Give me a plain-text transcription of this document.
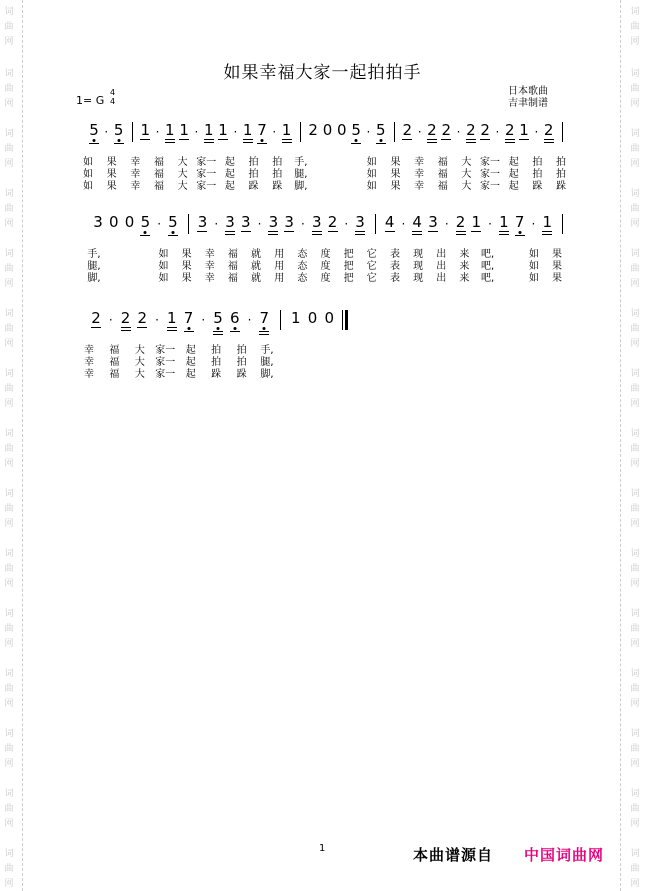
词
曲
网
词
曲
网
词
曲
网
词
曲
网
词
曲
网
词
曲
网
词
曲
网
词
曲
网
词
曲
网
词
曲
网
词
曲
网
词
曲
网
词
曲
网
词
曲
网
词
曲
网
词
曲
网
词
曲
网
词
曲
网
词
曲
网
词
曲
网
词
曲
网
词
曲
网
词
曲
网
词
曲
网
词
曲
网
词
曲
网
词
曲
网
词
曲
网
词
曲
网
词
曲
网
如果幸福大家一起拍拍手
日本歌曲
吉聿制谱
1= G
4
4
5 · 5 1 · 1 1 · 1 1 · 1 7 · 1 2 0 0 5 · 5 2 · 2 2 · 2 2 · 2 1 · 2
如 果 幸 福 大 家一 起 拍 拍 手,	如 果 幸 福 大 家一 起 拍 拍
如 果 幸 福 大 家一 起 拍 拍 腿,	如 果 幸 福 大 家一 起 拍 拍
如 果 幸 福 大 家一 起 跺 跺 脚,	如 果 幸 福 大 家一 起 跺 跺
3 0 0 5 · 5 3 · 3 3 · 3 3 · 3 2 · 3 4 · 4 3 · 2 1 · 1 7 · 1
手,	如 果 幸 福 就 用 态 度 把 它 表 现 出 来 吧,	如 果
腿,	如 果 幸 福 就 用 态 度 把 它 表 现 出 来 吧,	如 果
脚,	如 果 幸 福 就 用 态 度 把 它 表 现 出 来 吧,	如 果
2 · 2 2 · 1 7 · 5 6 · 7 1 0 0
幸 福 大 家一 起 拍 拍 手,
幸 福 大 家一 起 拍 拍 腿,
幸 福 大 家一 起 跺 跺 脚,
1	本曲谱源自 中国词曲网
